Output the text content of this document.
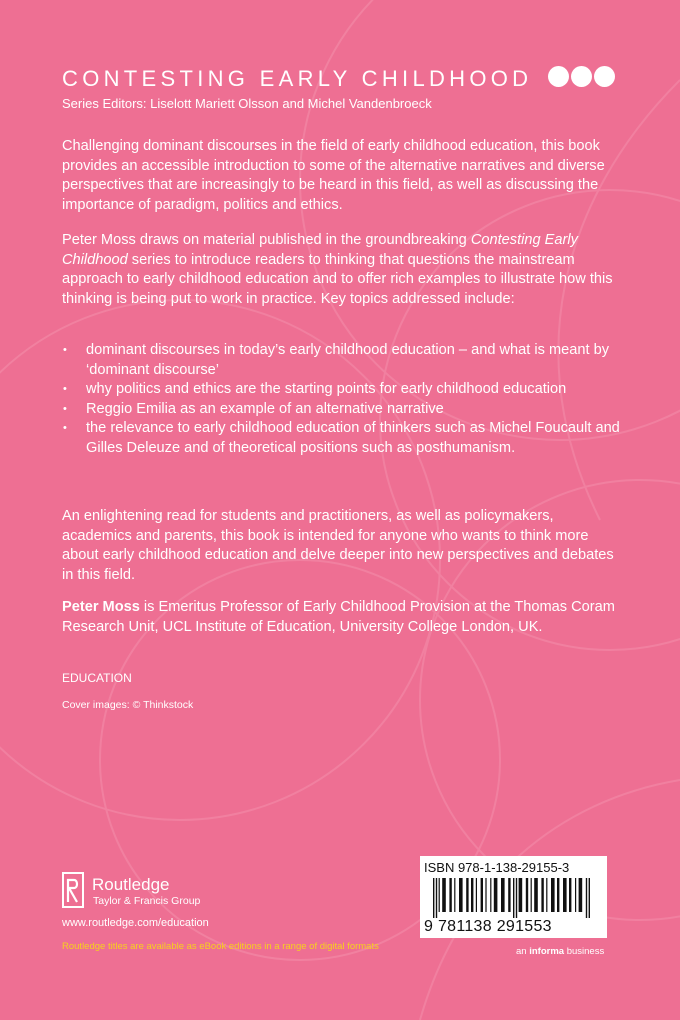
CONTESTING EARLY CHILDHOOD
Series Editors: Liselott Mariett Olsson and Michel Vandenbroeck

Challenging dominant discourses in the field of early childhood education, this book provides an accessible introduction to some of the alternative narratives and diverse perspectives that are increasingly to be heard in this field, as well as discussing the importance of paradigm, politics and ethics.

Peter Moss draws on material published in the groundbreaking Contesting Early Childhood series to introduce readers to thinking that questions the mainstream approach to early childhood education and to offer rich examples to illustrate how this thinking is being put to work in practice. Key topics addressed include:

• dominant discourses in today’s early childhood education – and what is meant by ‘dominant discourse’
• why politics and ethics are the starting points for early childhood education
• Reggio Emilia as an example of an alternative narrative
• the relevance to early childhood education of thinkers such as Michel Foucault and Gilles Deleuze and of theoretical positions such as posthumanism.

An enlightening read for students and practitioners, as well as policymakers, academics and parents, this book is intended for anyone who wants to think more about early childhood education and delve deeper into new perspectives and debates in this field.

Peter Moss is Emeritus Professor of Early Childhood Provision at the Thomas Coram Research Unit, UCL Institute of Education, University College London, UK.

EDUCATION
Cover images: © Thinkstock
Routledge
Taylor & Francis Group
www.routledge.com/education
Routledge titles are available as eBook editions in a range of digital formats
ISBN 978-1-138-29155-3
9 781138 291553
an informa business
